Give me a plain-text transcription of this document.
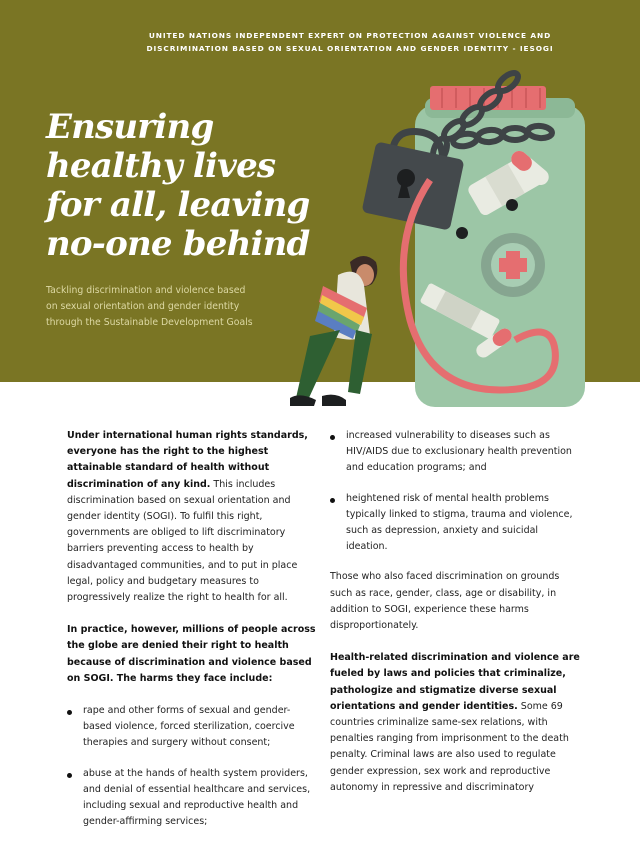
UNITED NATIONS INDEPENDENT EXPERT ON PROTECTION AGAINST VIOLENCE AND
DISCRIMINATION BASED ON SEXUAL ORIENTATION AND GENDER IDENTITY - IESOGI
Ensuring
healthy lives
for all, leaving
no-one behind

Tackling discrimination and violence based
on sexual orientation and gender identity
through the Sustainable Development Goals

Under international human rights standards, everyone has the right to the highest attainable standard of health without discrimination of any kind. This includes discrimination based on sexual orientation and gender identity (SOGI). To fulfil this right, governments are obliged to lift discriminatory barriers preventing access to health by disadvantaged communities, and to put in place legal, policy and budgetary measures to progressively realize the right to health for all.

In practice, however, millions of people across the globe are denied their right to health because of discrimination and violence based on SOGI. The harms they face include:

rape and other forms of sexual and gender-based violence, forced sterilization, coercive therapies and surgery without consent;
abuse at the hands of health system providers, and denial of essential healthcare and services, including sexual and reproductive health and gender-affirming services;
increased vulnerability to diseases such as HIV/AIDS due to exclusionary health prevention and education programs; and
heightened risk of mental health problems typically linked to stigma, trauma and violence, such as depression, anxiety and suicidal ideation.

Those who also faced discrimination on grounds such as race, gender, class, age or disability, in addition to SOGI, experience these harms disproportionately.

Health-related discrimination and violence are fueled by laws and policies that criminalize, pathologize and stigmatize diverse sexual orientations and gender identities. Some 69 countries criminalize same-sex relations, with penalties ranging from imprisonment to the death penalty. Criminal laws are also used to regulate gender expression, sex work and reproductive autonomy in repressive and discriminatory
